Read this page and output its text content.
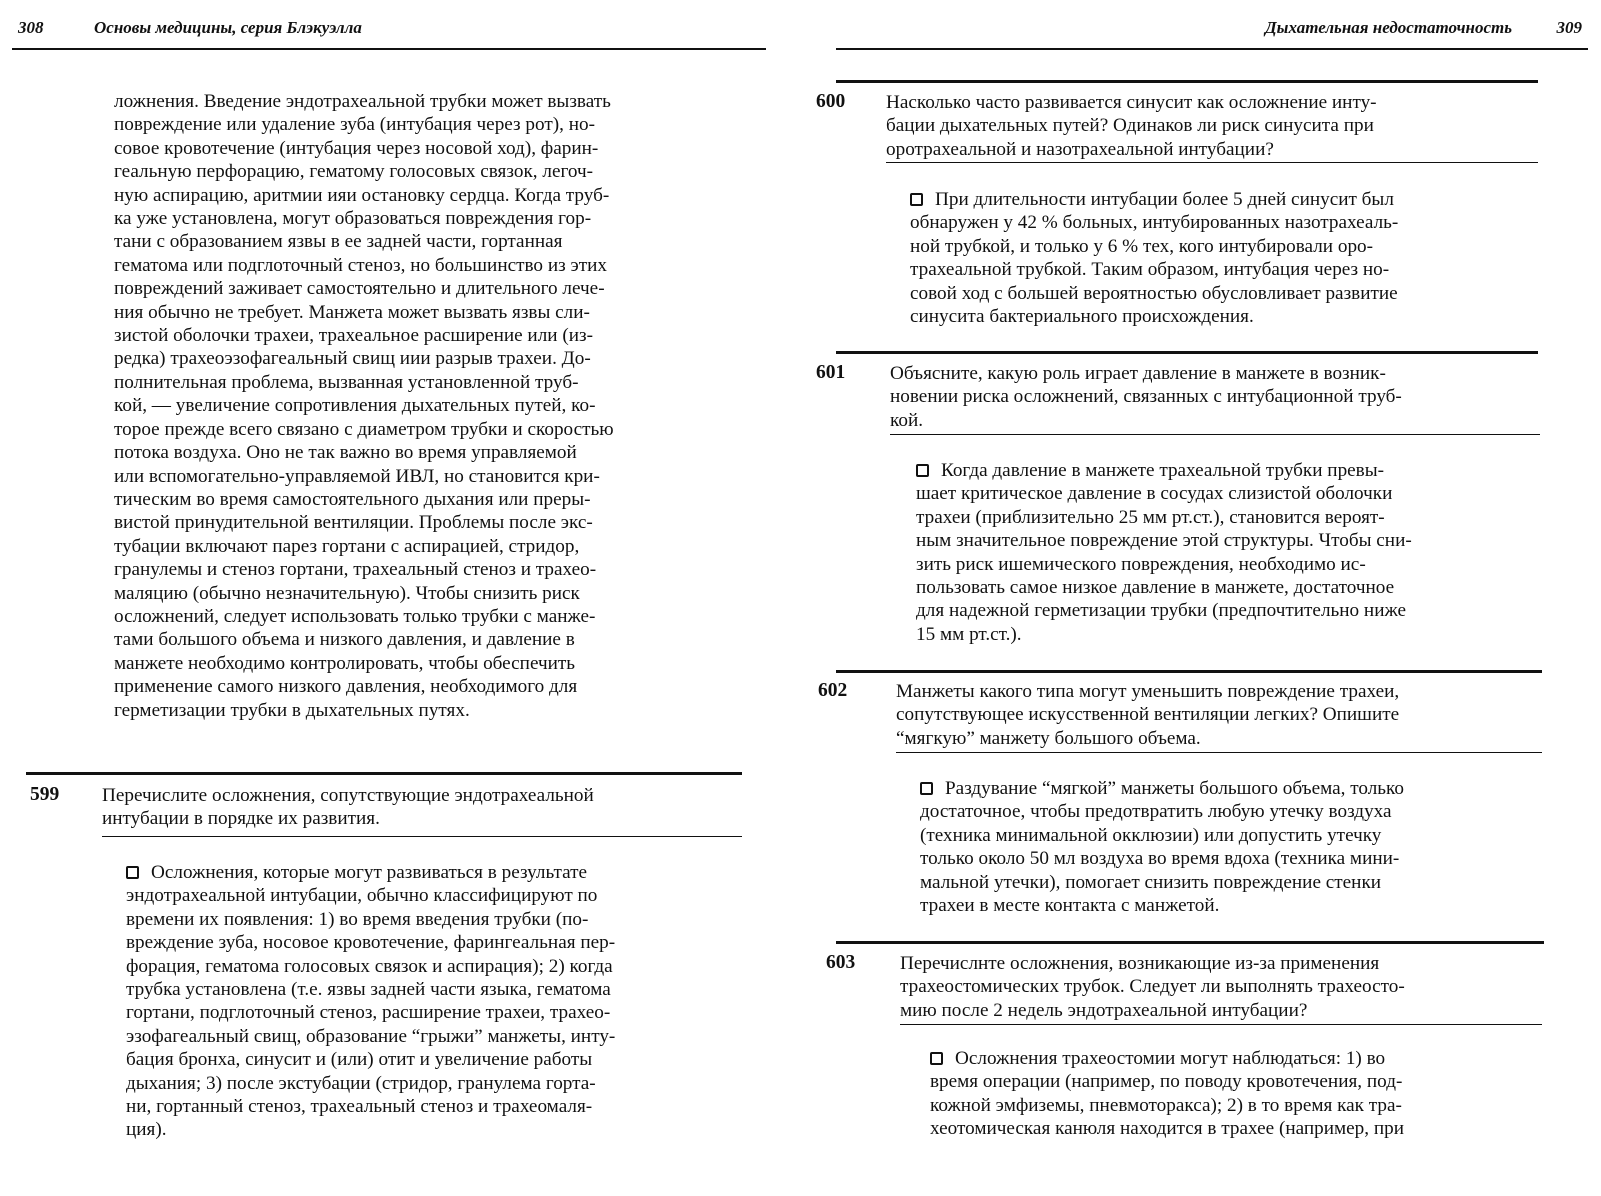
308	Основы медицины, серия Блэкуэлла

ложнения. Введение эндотрахеальной трубки может вызвать
повреждение или удаление зуба (интубация через рот), но-
совое кровотечение (интубация через носовой ход), фарин-
геальную перфорацию, гематому голосовых связок, легоч-
ную аспирацию, аритмии ияи остановку сердца. Когда труб-
ка уже установлена, могут образоваться повреждения гор-
тани с образованием язвы в ее задней части, гортанная
гематома или подглоточный стеноз, но большинство из этих
повреждений заживает самостоятельно и длительного лече-
ния обычно не требует. Манжета может вызвать язвы сли-
зистой оболочки трахеи, трахеальное расширение или (из-
редка) трахеоэзофагеальный свищ иии разрыв трахеи. До-
полнительная проблема, вызванная установленной труб-
кой, — увеличение сопротивления дыхательных путей, ко-
торое прежде всего связано с диаметром трубки и скоростью
потока воздуха. Оно не так важно во время управляемой
или вспомогательно-управляемой ИВЛ, но становится кри-
тическим во время самостоятельного дыхания или преры-
вистой принудительной вентиляции. Проблемы после экс-
тубации включают парез гортани с аспирацией, стридор,
гранулемы и стеноз гортани, трахеальный стеноз и трахео-
маляцию (обычно незначительную). Чтобы снизить риск
осложнений, следует использовать только трубки с манже-
тами большого объема и низкого давления, и давление в
манжете необходимо контролировать, чтобы обеспечить
применение самого низкого давления, необходимого для
герметизации трубки в дыхательных путях.

599 Перечислите осложнения, сопутствующие эндотрахеальной
интубации в порядке их развития.

Осложнения, которые могут развиваться в результате
эндотрахеальной интубации, обычно классифицируют по
времени их появления: 1) во время введения трубки (по-
вреждение зуба, носовое кровотечение, фарингеальная пер-
форация, гематома голосовых связок и аспирация); 2) когда
трубка установлена (т.е. язвы задней части языка, гематома
гортани, подглоточный стеноз, расширение трахеи, трахео-
эзофагеальный свищ, образование “грыжи” манжеты, инту-
бация бронха, синусит и (или) отит и увеличение работы
дыхания; 3) после экстубации (стридор, гранулема горта-
ни, гортанный стеноз, трахеальный стеноз и трахеомаля-
ция).

Дыхательная недостаточность	309
600 Насколько часто развивается синусит как осложнение инту-
бации дыхательных путей? Одинаков ли риск синусита при
оротрахеальной и назотрахеальной интубации?

При длительности интубации более 5 дней синусит был
обнаружен у 42 % больных, интубированных назотрахеаль-
ной трубкой, и только у 6 % тех, кого интубировали оро-
трахеальной трубкой. Таким образом, интубация через но-
совой ход с большей вероятностью обусловливает развитие
синусита бактериального происхождения.

601 Объясните, какую роль играет давление в манжете в возник-
новении риска осложнений, связанных с интубационной труб-
кой.

Когда давление в манжете трахеальной трубки превы-
шает критическое давление в сосудах слизистой оболочки
трахеи (приблизительно 25 мм рт.ст.), становится вероят-
ным значительное повреждение этой структуры. Чтобы сни-
зить риск ишемического повреждения, необходимо ис-
пользовать самое низкое давление в манжете, достаточное
для надежной герметизации трубки (предпочтительно ниже
15 мм рт.ст.).

602	Манжеты какого типа могут уменьшить повреждение трахеи,
сопутствующее искусственной вентиляции легких? Опишите
“мягкую” манжету большого объема.

Раздувание “мягкой” манжеты большого объема, только
достаточное, чтобы предотвратить любую утечку воздуха
(техника минимальной окклюзии) или допустить утечку
только около 50 мл воздуха во время вдоха (техника мини-
мальной утечки), помогает снизить повреждение стенки
трахеи в месте контакта с манжетой.

603 Перечислнте осложнения, возникающие из-за применения
трахеостомических трубок. Следует ли выполнять трахеосто-
мию после 2 недель эндотрахеальной интубации?

Осложнения трахеостомии могут наблюдаться: 1) во
время операции (например, по поводу кровотечения, под-
кожной эмфиземы, пневмоторакса); 2) в то время как тра-
хеотомическая канюля находится в трахее (например, при
